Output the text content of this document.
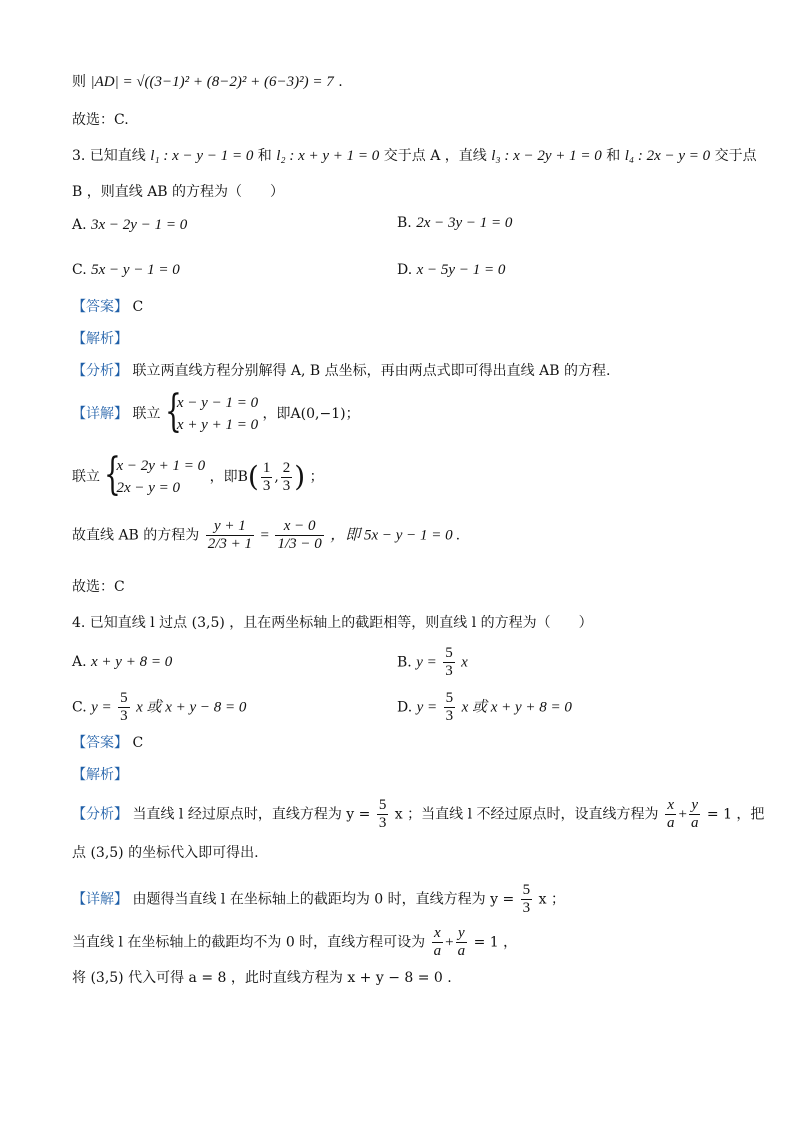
则 |AD| = √((3−1)² + (8−2)² + (6−3)²) = 7 .
故选：C.
3. 已知直线 l₁ : x − y − 1 = 0 和 l₂ : x + y + 1 = 0 交于点 A ，直线 l₃ : x − 2y + 1 = 0 和 l₄ : 2x − y = 0 交于点
B ，则直线 AB 的方程为（　　）
A. 3x − 2y − 1 = 0	B. 2x − 3y − 1 = 0
C. 5x − y − 1 = 0	D. x − 5y − 1 = 0
【答案】 C
【解析】
【分析】 联立两直线方程分别解得 A, B 点坐标，再由两点式即可得出直线 AB 的方程.
【详解】 联立 {
x − y − 1 = 0
x + y + 1 = 0
，即A(0,−1)；
联立 {
x − 2y + 1 = 0
2x − y = 0
，即$B( \frac{1}{3}$ , $\frac{2}{3}$ ) ；
故直线 AB 的方程为 $\frac{y + 1}{2/3 + 1} = \frac{x - 0}{1/3 - 0}$ ，即 5x − y − 1 = 0 .
故选：C
4. 已知直线 l 过点 (3,5) ，且在两坐标轴上的截距相等，则直线 l 的方程为（　　）
A. x + y + 8 = 0	B. $y = \frac{5}{3}$ x
C. $y = \frac{5}{3}$ x 或 x + y − 8 = 0	D. $y = \frac{5}{3}$ x 或 x + y + 8 = 0
【答案】 C
【解析】
【分析】 当直线 l 经过原点时，直线方程为 $y = \frac{5}{3}$ x ；当直线 l 不经过原点时，设直线方程为 $\frac{x}{a} + \frac{y}{a} = 1$ ，把
点 (3,5) 的坐标代入即可得出.
【详解】 由题得当直线 l 在坐标轴上的截距均为 0 时，直线方程为 $y = \frac{5}{3}$ x ；
当直线 l 在坐标轴上的截距均不为 0 时，直线方程可设为 $\frac{x}{a} + \frac{y}{a} = 1$ ，
将 (3,5) 代入可得 a = 8 ，此时直线方程为 x + y − 8 = 0 .
